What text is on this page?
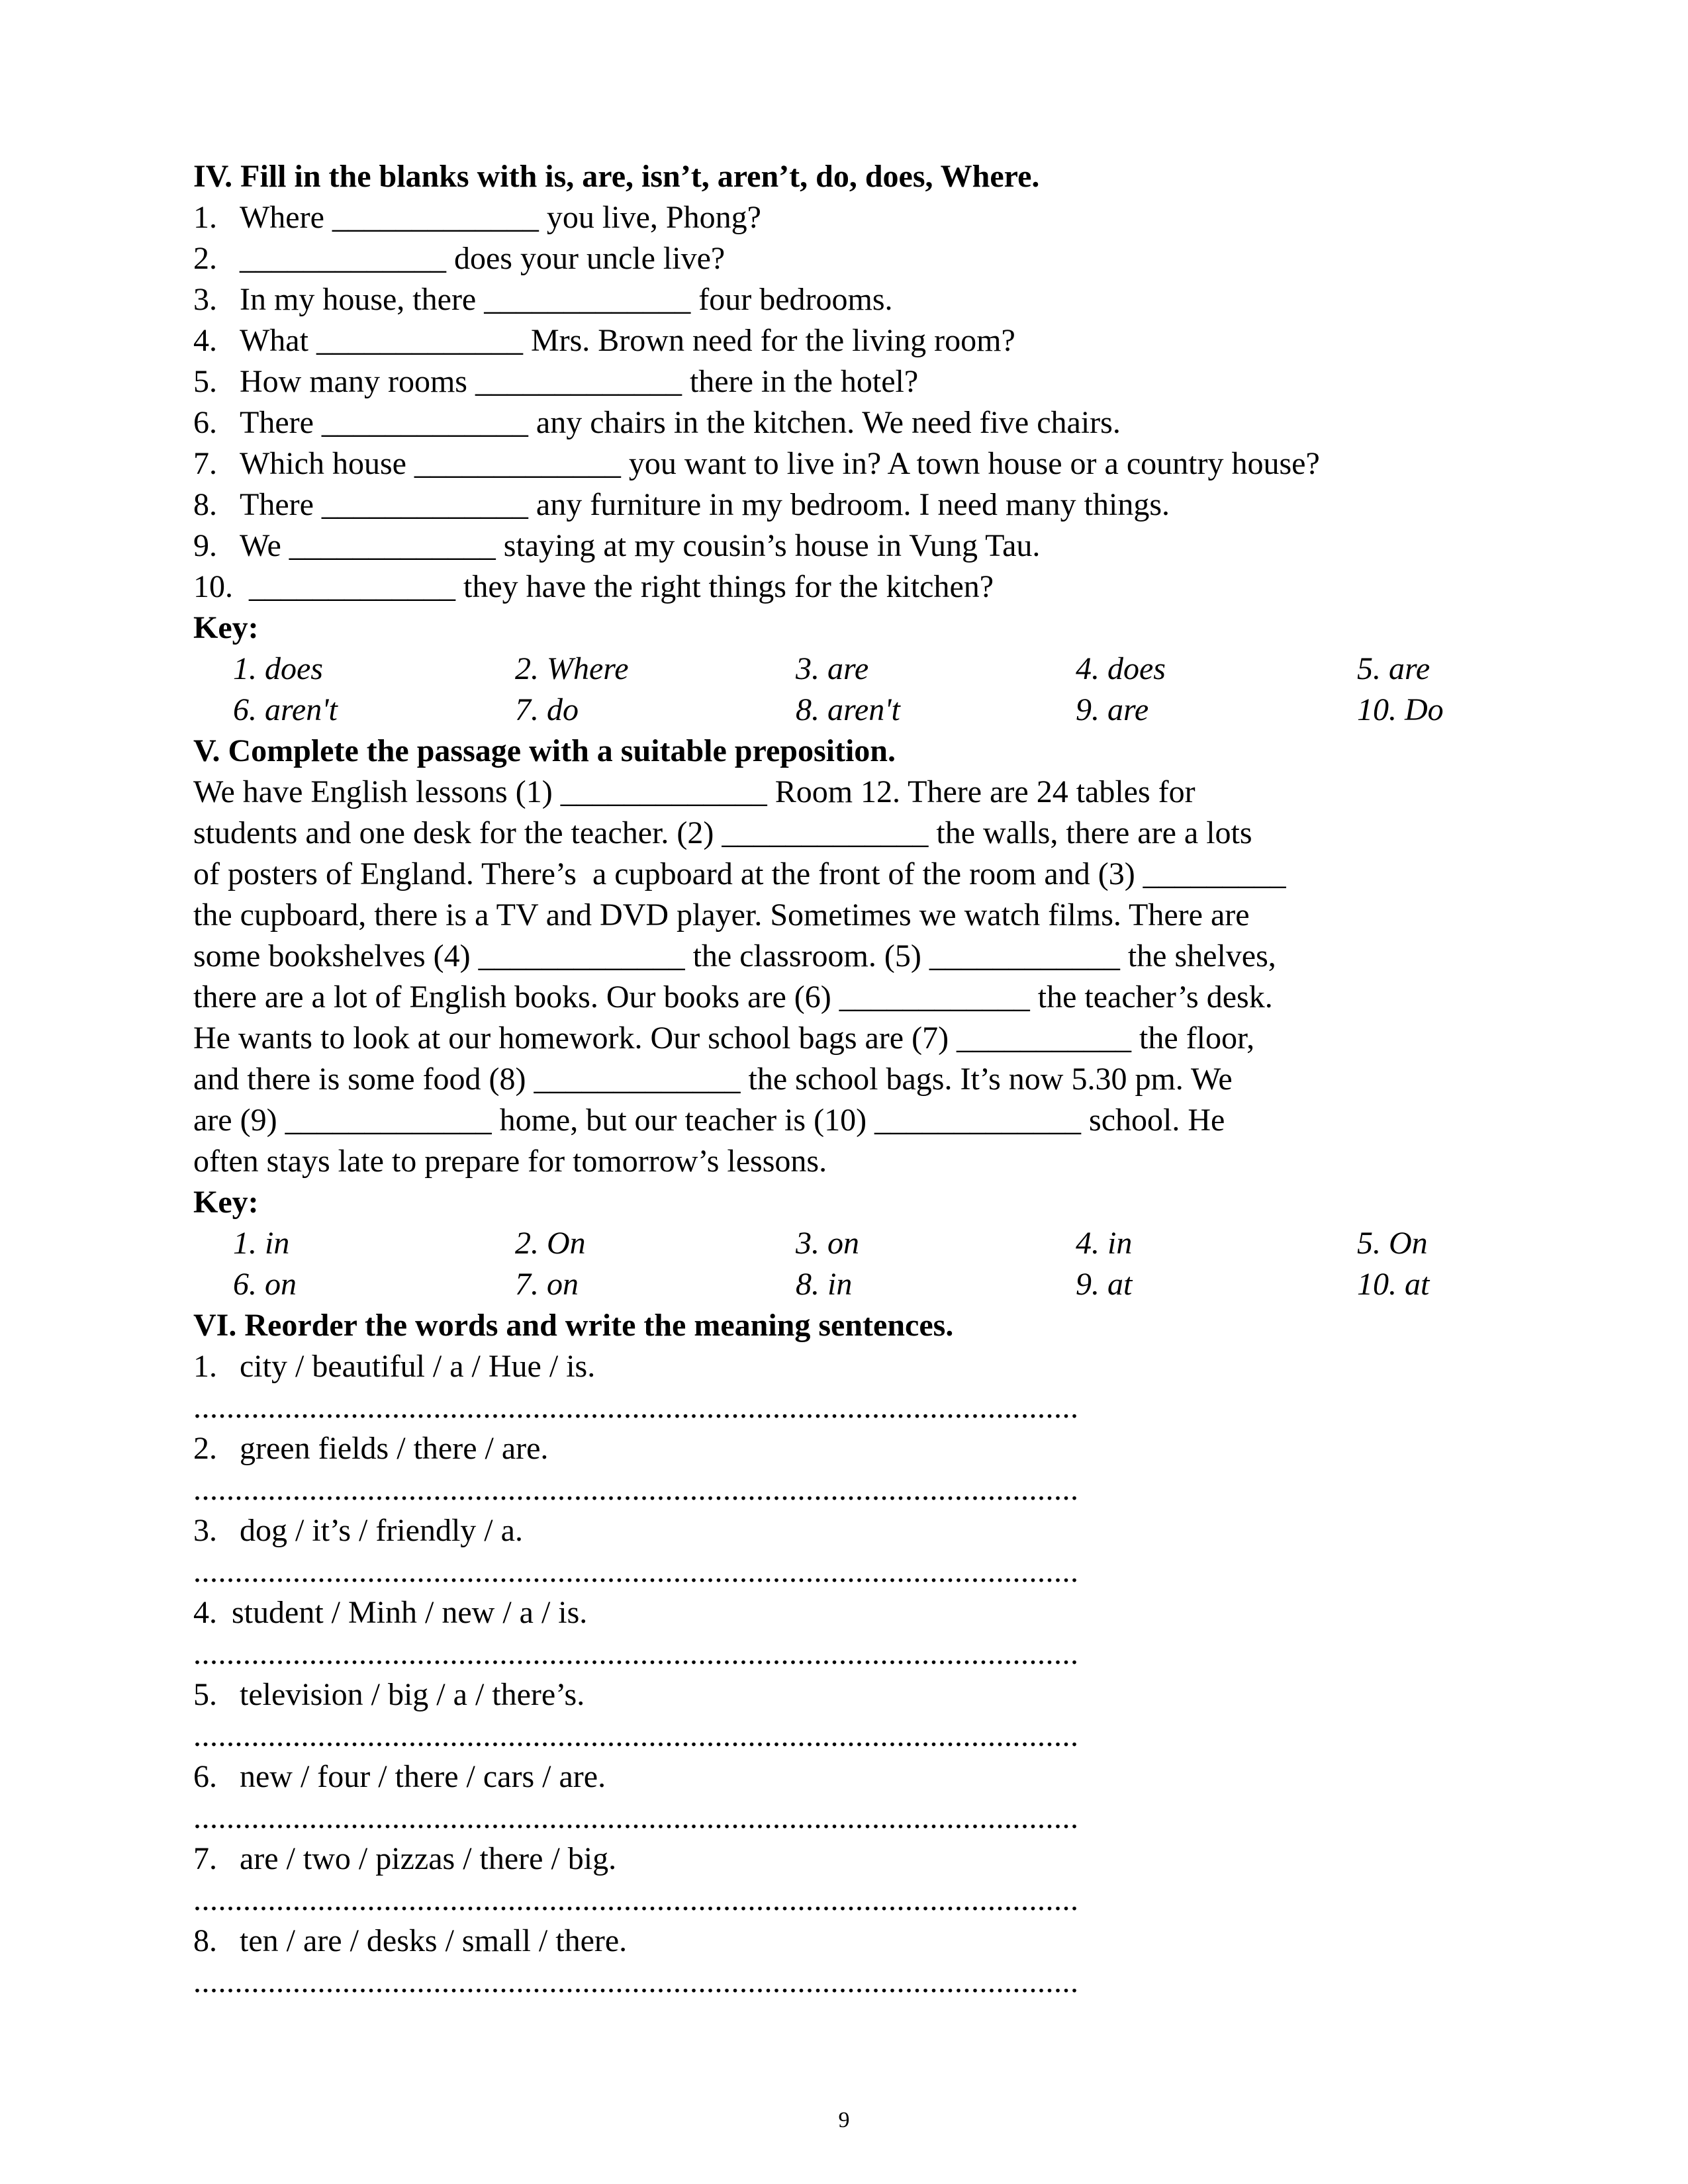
IV. Fill in the blanks with is, are, isn’t, aren’t, do, does, Where.
1. Where _____________ you live, Phong?
2. _____________ does your uncle live?
3. In my house, there _____________ four bedrooms.
4. What _____________ Mrs. Brown need for the living room?
5. How many rooms _____________ there in the hotel?
6. There _____________ any chairs in the kitchen. We need five chairs.
7. Which house _____________ you want to live in? A town house or a country house?
8. There _____________ any furniture in my bedroom. I need many things.
9. We _____________ staying at my cousin’s house in Vung Tau.
10. _____________ they have the right things for the kitchen?
Key:
1. does	2. Where	3. are	4. does	5. are
6. aren't	7. do	8. aren't	9. are	10. Do
V. Complete the passage with a suitable preposition.
We have English lessons (1) _____________ Room 12. There are 24 tables for
students and one desk for the teacher. (2) _____________ the walls, there are a lots
of posters of England. There’s  a cupboard at the front of the room and (3) _________
the cupboard, there is a TV and DVD player. Sometimes we watch films. There are
some bookshelves (4) _____________ the classroom. (5) ____________ the shelves,
there are a lot of English books. Our books are (6) ____________ the teacher’s desk.
He wants to look at our homework. Our school bags are (7) ___________ the floor,
and there is some food (8) _____________ the school bags. It’s now 5.30 pm. We
are (9) _____________ home, but our teacher is (10) _____________ school. He
often stays late to prepare for tomorrow’s lessons.
Key:
1. in	2. On	3. on	4. in	5. On
6. on	7. on	8. in	9. at	10. at
VI. Reorder the words and write the meaning sentences.
1. city / beautiful / a / Hue / is.
...........................................................................................................
2. green fields / there / are.
...........................................................................................................
3. dog / it’s / friendly / a.
...........................................................................................................
4. student / Minh / new / a / is.
...........................................................................................................
5. television / big / a / there’s.
...........................................................................................................
6. new / four / there / cars / are.
...........................................................................................................
7. are / two / pizzas / there / big.
...........................................................................................................
8. ten / are / desks / small / there.
...........................................................................................................
9
